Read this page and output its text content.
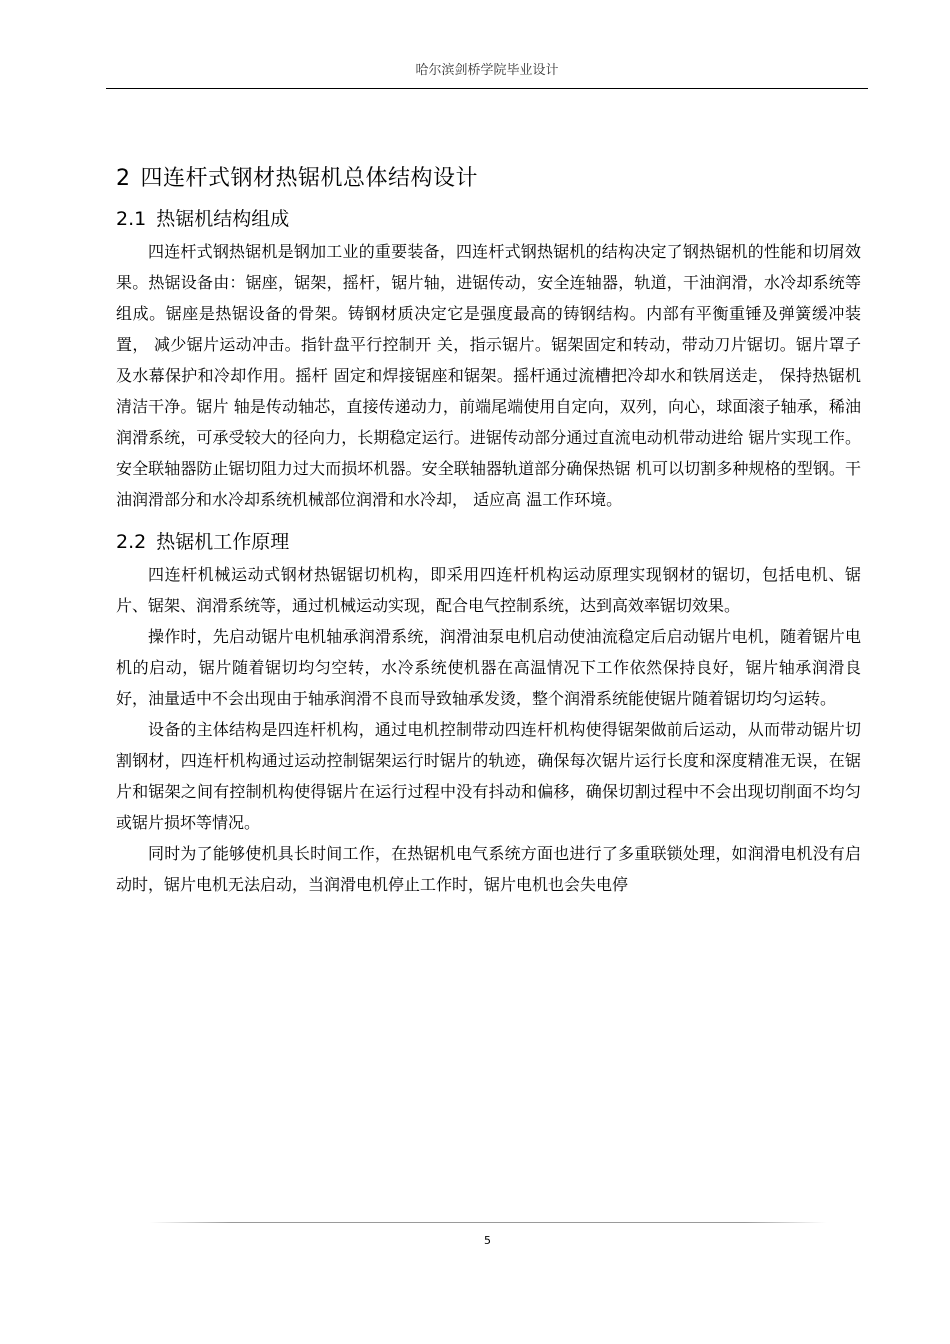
哈尔滨剑桥学院毕业设计
2 四连杆式钢材热锯机总体结构设计
2.1 热锯机结构组成

四连杆式钢热锯机是钢加工业的重要装备，四连杆式钢热锯机的结构决定了钢热锯机的性能和切屑效果。热锯设备由：锯座，锯架，摇杆，锯片轴，进锯传动，安全连轴器，轨道，干油润滑，水冷却系统等组成。锯座是热锯设备的骨架。铸钢材质决定它是强度最高的铸钢结构。内部有平衡重锤及弹簧缓冲装置， 减少锯片运动冲击。指针盘平行控制开 关，指示锯片。锯架固定和转动，带动刀片锯切。锯片罩子及水幕保护和冷却作用。摇杆 固定和焊接锯座和锯架。摇杆通过流槽把冷却水和铁屑送走， 保持热锯机清洁干净。锯片 轴是传动轴芯，直接传递动力，前端尾端使用自定向，双列，向心，球面滚子轴承，稀油 润滑系统，可承受较大的径向力，长期稳定运行。进锯传动部分通过直流电动机带动进给 锯片实现工作。安全联轴器防止锯切阻力过大而损坏机器。安全联轴器轨道部分确保热锯 机可以切割多种规格的型钢。干油润滑部分和水冷却系统机械部位润滑和水冷却， 适应高 温工作环境。

2.2 热锯机工作原理

四连杆机械运动式钢材热锯锯切机构，即采用四连杆机构运动原理实现钢材的锯切，包括电机、锯片、锯架、润滑系统等，通过机械运动实现，配合电气控制系统，达到高效率锯切效果。

操作时，先启动锯片电机轴承润滑系统，润滑油泵电机启动使油流稳定后启动锯片电机，随着锯片电机的启动，锯片随着锯切均匀空转，水冷系统使机器在高温情况下工作依然保持良好，锯片轴承润滑良好，油量适中不会出现由于轴承润滑不良而导致轴承发烫，整个润滑系统能使锯片随着锯切均匀运转。

设备的主体结构是四连杆机构，通过电机控制带动四连杆机构使得锯架做前后运动，从而带动锯片切割钢材，四连杆机构通过运动控制锯架运行时锯片的轨迹，确保每次锯片运行长度和深度精准无误，在锯片和锯架之间有控制机构使得锯片在运行过程中没有抖动和偏移，确保切割过程中不会出现切削面不均匀或锯片损坏等情况。

同时为了能够使机具长时间工作，在热锯机电气系统方面也进行了多重联锁处理，如润滑电机没有启动时，锯片电机无法启动，当润滑电机停止工作时，锯片电机也会失电停

5
